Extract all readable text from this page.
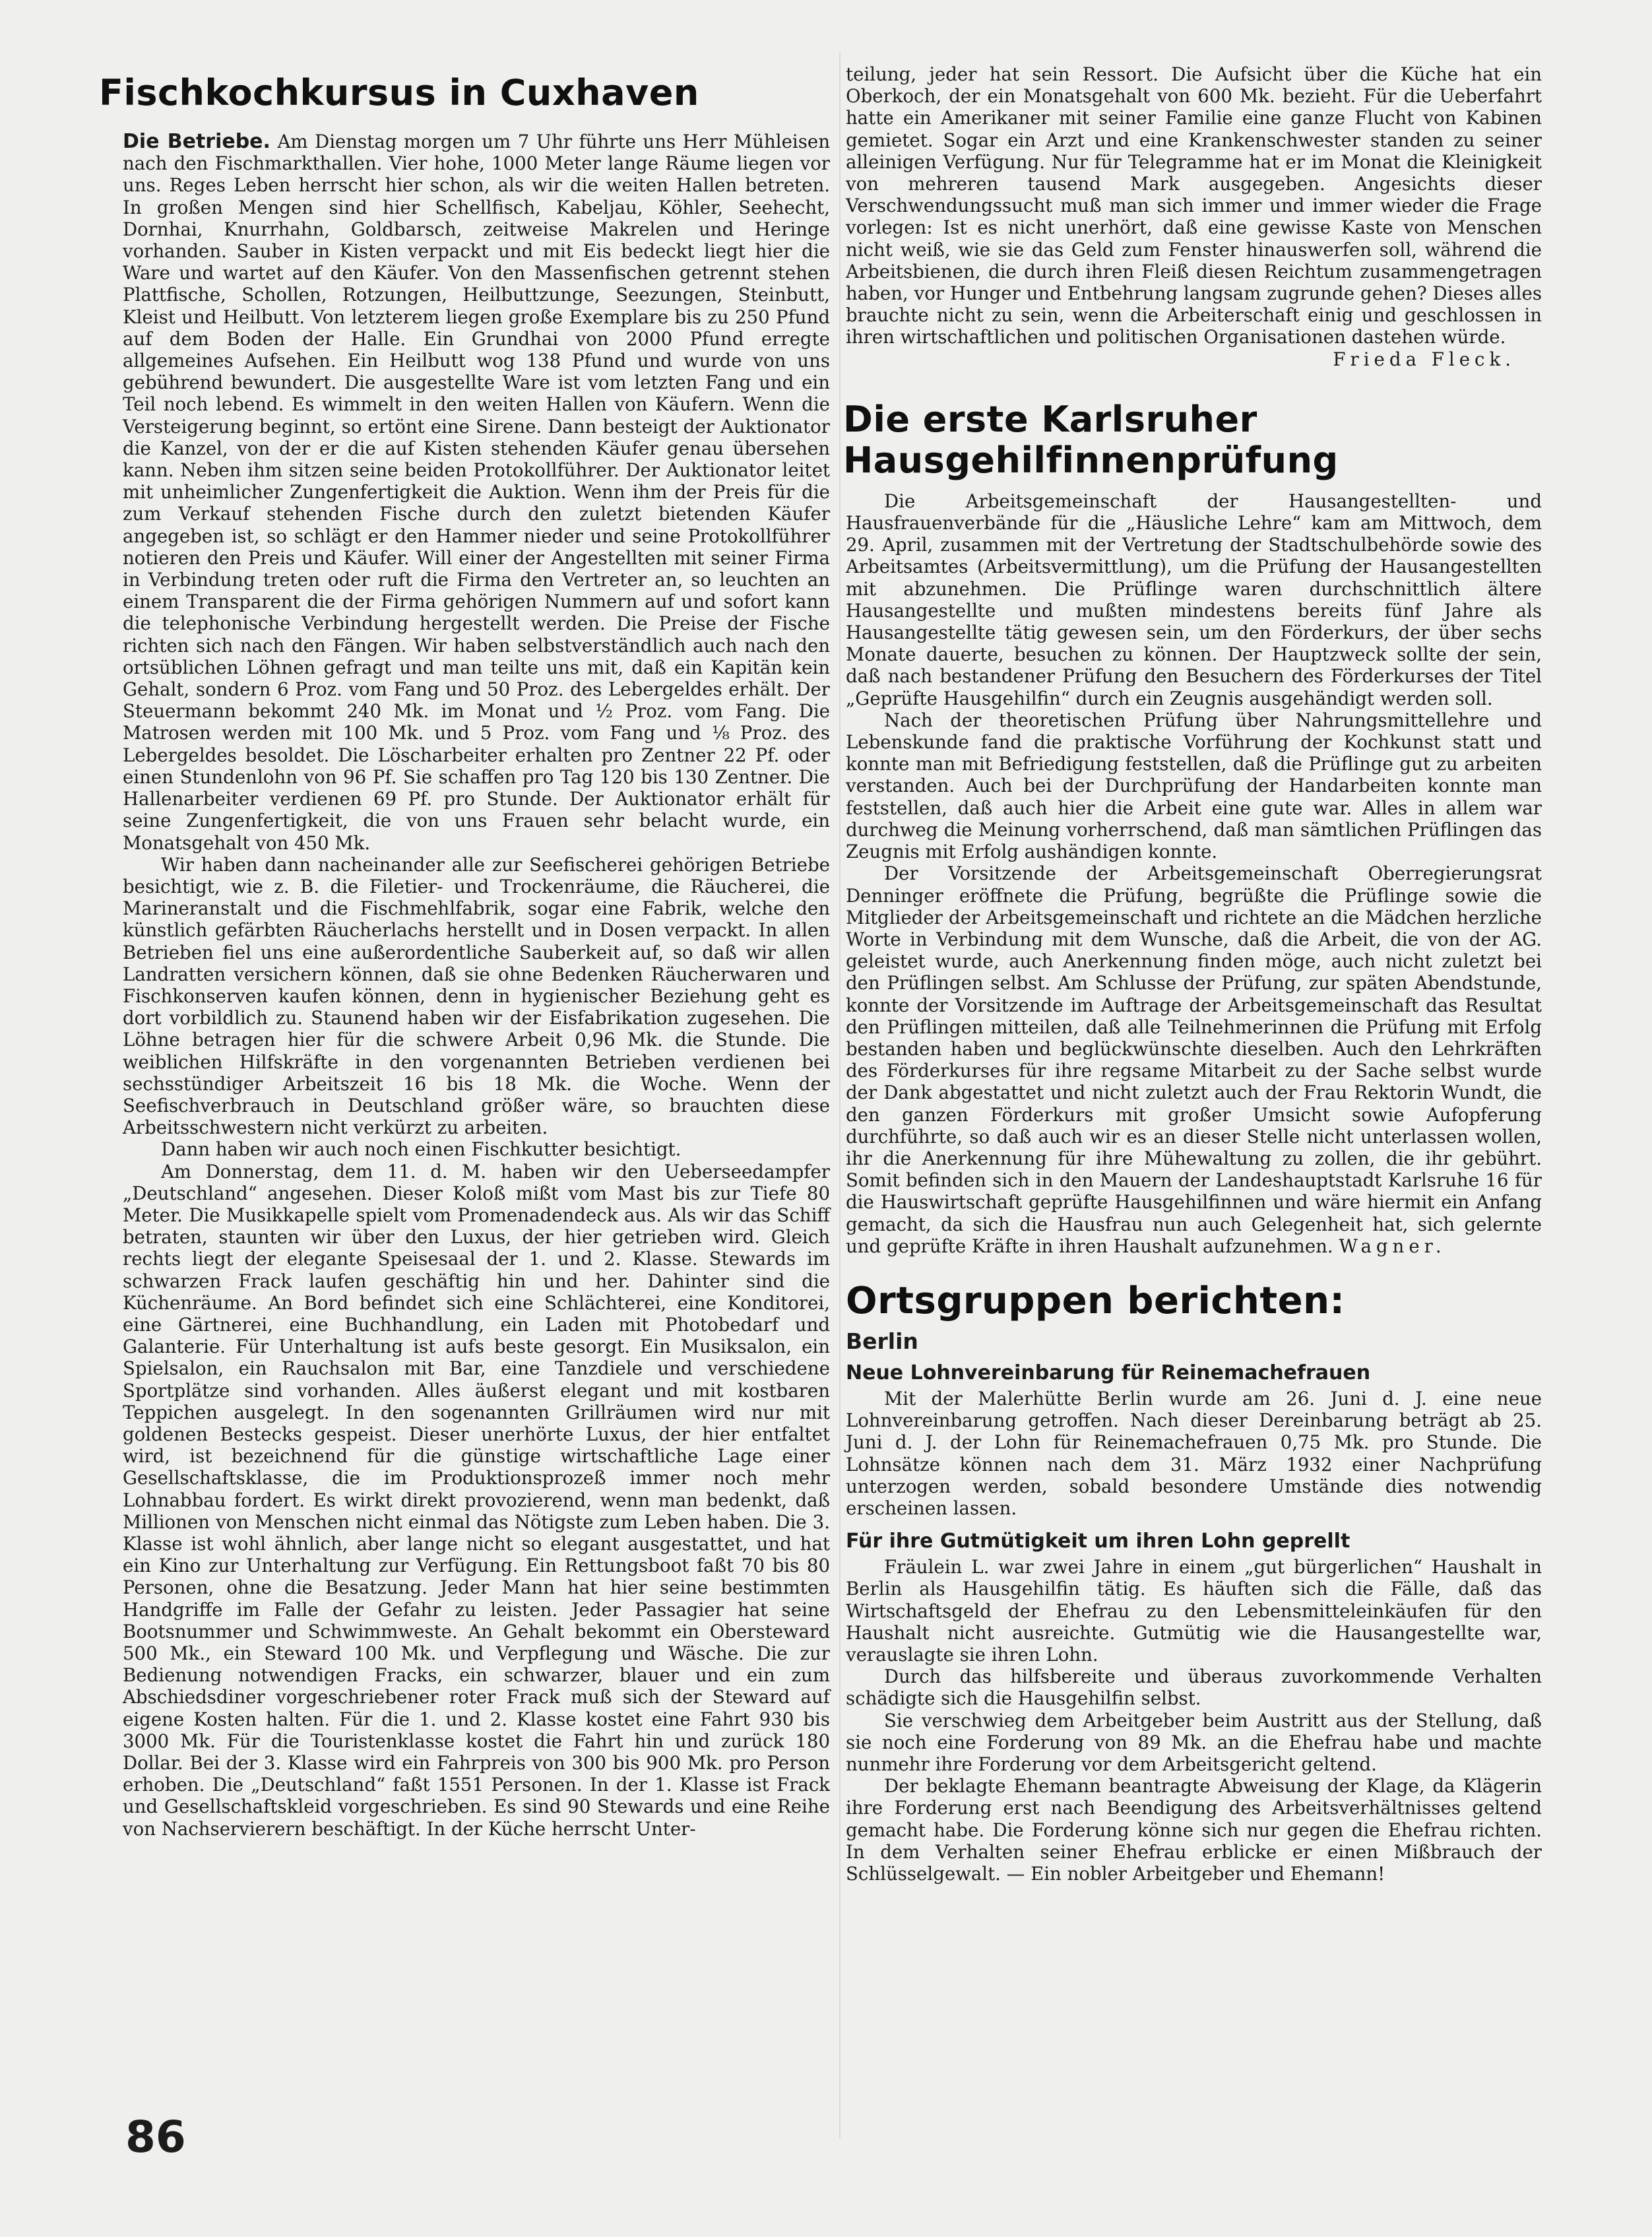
Fischkochkursus in Cuxhaven

Die Betriebe. Am Dienstag morgen um 7 Uhr führte uns Herr Mühleisen nach den Fischmarkthallen. Vier hohe, 1000 Meter lange Räume liegen vor uns. Reges Leben herrscht hier schon, als wir die weiten Hallen betreten. In großen Mengen sind hier Schellfisch, Kabeljau, Köhler, Seehecht, Dornhai, Knurrhahn, Goldbarsch, zeitweise Makrelen und Heringe vorhanden. Sauber in Kisten verpackt und mit Eis bedeckt liegt hier die Ware und wartet auf den Käufer. Von den Massenfischen getrennt stehen Plattfische, Schollen, Rotzungen, Heilbuttzunge, Seezungen, Steinbutt, Kleist und Heilbutt. Von letzterem liegen große Exemplare bis zu 250 Pfund auf dem Boden der Halle. Ein Grundhai von 2000 Pfund erregte allgemeines Aufsehen. Ein Heilbutt wog 138 Pfund und wurde von uns gebührend bewundert. Die ausgestellte Ware ist vom letzten Fang und ein Teil noch lebend. Es wimmelt in den weiten Hallen von Käufern. Wenn die Versteigerung beginnt, so ertönt eine Sirene. Dann besteigt der Auktionator die Kanzel, von der er die auf Kisten stehenden Käufer genau übersehen kann. Neben ihm sitzen seine beiden Protokollführer. Der Auktionator leitet mit unheimlicher Zungenfertigkeit die Auktion. Wenn ihm der Preis für die zum Verkauf stehenden Fische durch den zuletzt bietenden Käufer angegeben ist, so schlägt er den Hammer nieder und seine Protokollführer notieren den Preis und Käufer. Will einer der Angestellten mit seiner Firma in Verbindung treten oder ruft die Firma den Vertreter an, so leuchten an einem Transparent die der Firma gehörigen Nummern auf und sofort kann die telephonische Verbindung hergestellt werden. Die Preise der Fische richten sich nach den Fängen. Wir haben selbstverständlich auch nach den ortsüblichen Löhnen gefragt und man teilte uns mit, daß ein Kapitän kein Gehalt, sondern 6 Proz. vom Fang und 50 Proz. des Lebergeldes erhält. Der Steuermann bekommt 240 Mk. im Monat und ½ Proz. vom Fang. Die Matrosen werden mit 100 Mk. und 5 Proz. vom Fang und ⅛ Proz. des Lebergeldes besoldet. Die Löscharbeiter erhalten pro Zentner 22 Pf. oder einen Stundenlohn von 96 Pf. Sie schaffen pro Tag 120 bis 130 Zentner. Die Hallenarbeiter verdienen 69 Pf. pro Stunde. Der Auktionator erhält für seine Zungenfertigkeit, die von uns Frauen sehr belacht wurde, ein Monatsgehalt von 450 Mk.

Wir haben dann nacheinander alle zur Seefischerei gehörigen Betriebe besichtigt, wie z. B. die Filetier- und Trockenräume, die Räucherei, die Marineranstalt und die Fischmehlfabrik, sogar eine Fabrik, welche den künstlich gefärbten Räucherlachs herstellt und in Dosen verpackt. In allen Betrieben fiel uns eine außerordentliche Sauberkeit auf, so daß wir allen Landratten versichern können, daß sie ohne Bedenken Räucherwaren und Fischkonserven kaufen können, denn in hygienischer Beziehung geht es dort vorbildlich zu. Staunend haben wir der Eisfabrikation zugesehen. Die Löhne betragen hier für die schwere Arbeit 0,96 Mk. die Stunde. Die weiblichen Hilfskräfte in den vorgenannten Betrieben verdienen bei sechsstündiger Arbeitszeit 16 bis 18 Mk. die Woche. Wenn der Seefischverbrauch in Deutschland größer wäre, so brauchten diese Arbeitsschwestern nicht verkürzt zu arbeiten.

Dann haben wir auch noch einen Fischkutter besichtigt.

Am Donnerstag, dem 11. d. M. haben wir den Ueberseedampfer „Deutschland“ angesehen. Dieser Koloß mißt vom Mast bis zur Tiefe 80 Meter. Die Musikkapelle spielt vom Promenadendeck aus. Als wir das Schiff betraten, staunten wir über den Luxus, der hier getrieben wird. Gleich rechts liegt der elegante Speisesaal der 1. und 2. Klasse. Stewards im schwarzen Frack laufen geschäftig hin und her. Dahinter sind die Küchenräume. An Bord befindet sich eine Schlächterei, eine Konditorei, eine Gärtnerei, eine Buchhandlung, ein Laden mit Photobedarf und Galanterie. Für Unterhaltung ist aufs beste gesorgt. Ein Musiksalon, ein Spielsalon, ein Rauchsalon mit Bar, eine Tanzdiele und verschiedene Sportplätze sind vorhanden. Alles äußerst elegant und mit kostbaren Teppichen ausgelegt. In den sogenannten Grillräumen wird nur mit goldenen Bestecks gespeist. Dieser unerhörte Luxus, der hier entfaltet wird, ist bezeichnend für die günstige wirtschaftliche Lage einer Gesellschaftsklasse, die im Produktionsprozeß immer noch mehr Lohnabbau fordert. Es wirkt direkt provozierend, wenn man bedenkt, daß Millionen von Menschen nicht einmal das Nötigste zum Leben haben. Die 3. Klasse ist wohl ähnlich, aber lange nicht so elegant ausgestattet, und hat ein Kino zur Unterhaltung zur Verfügung. Ein Rettungsboot faßt 70 bis 80 Personen, ohne die Besatzung. Jeder Mann hat hier seine bestimmten Handgriffe im Falle der Gefahr zu leisten. Jeder Passagier hat seine Bootsnummer und Schwimmweste. An Gehalt bekommt ein Obersteward 500 Mk., ein Steward 100 Mk. und Verpflegung und Wäsche. Die zur Bedienung notwendigen Fracks, ein schwarzer, blauer und ein zum Abschiedsdiner vorgeschriebener roter Frack muß sich der Steward auf eigene Kosten halten. Für die 1. und 2. Klasse kostet eine Fahrt 930 bis 3000 Mk. Für die Touristenklasse kostet die Fahrt hin und zurück 180 Dollar. Bei der 3. Klasse wird ein Fahrpreis von 300 bis 900 Mk. pro Person erhoben. Die „Deutschland“ faßt 1551 Personen. In der 1. Klasse ist Frack und Gesellschaftskleid vorgeschrieben. Es sind 90 Stewards und eine Reihe von Nachservierern beschäftigt. In der Küche herrscht Unter-

teilung, jeder hat sein Ressort. Die Aufsicht über die Küche hat ein Oberkoch, der ein Monatsgehalt von 600 Mk. bezieht. Für die Ueberfahrt hatte ein Amerikaner mit seiner Familie eine ganze Flucht von Kabinen gemietet. Sogar ein Arzt und eine Krankenschwester standen zu seiner alleinigen Verfügung. Nur für Telegramme hat er im Monat die Kleinigkeit von mehreren tausend Mark ausgegeben. Angesichts dieser Verschwendungssucht muß man sich immer und immer wieder die Frage vorlegen: Ist es nicht unerhört, daß eine gewisse Kaste von Menschen nicht weiß, wie sie das Geld zum Fenster hinauswerfen soll, während die Arbeitsbienen, die durch ihren Fleiß diesen Reichtum zusammengetragen haben, vor Hunger und Entbehrung langsam zugrunde gehen? Dieses alles brauchte nicht zu sein, wenn die Arbeiterschaft einig und geschlossen in ihren wirtschaftlichen und politischen Organisationen dastehen würde.

Frieda Fleck.

Die erste Karlsruher
Hausgehilfinnenprüfung

Die Arbeitsgemeinschaft der Hausangestellten- und Hausfrauenverbände für die „Häusliche Lehre“ kam am Mittwoch, dem 29. April, zusammen mit der Vertretung der Stadtschulbehörde sowie des Arbeitsamtes (Arbeitsvermittlung), um die Prüfung der Hausangestellten mit abzunehmen. Die Prüflinge waren durchschnittlich ältere Hausangestellte und mußten mindestens bereits fünf Jahre als Hausangestellte tätig gewesen sein, um den Förderkurs, der über sechs Monate dauerte, besuchen zu können. Der Hauptzweck sollte der sein, daß nach bestandener Prüfung den Besuchern des Förderkurses der Titel „Geprüfte Hausgehilfin“ durch ein Zeugnis ausgehändigt werden soll.

Nach der theoretischen Prüfung über Nahrungsmittellehre und Lebenskunde fand die praktische Vorführung der Kochkunst statt und konnte man mit Befriedigung feststellen, daß die Prüflinge gut zu arbeiten verstanden. Auch bei der Durchprüfung der Handarbeiten konnte man feststellen, daß auch hier die Arbeit eine gute war. Alles in allem war durchweg die Meinung vorherrschend, daß man sämtlichen Prüflingen das Zeugnis mit Erfolg aushändigen konnte.

Der Vorsitzende der Arbeitsgemeinschaft Oberregierungsrat Denninger eröffnete die Prüfung, begrüßte die Prüflinge sowie die Mitglieder der Arbeitsgemeinschaft und richtete an die Mädchen herzliche Worte in Verbindung mit dem Wunsche, daß die Arbeit, die von der AG. geleistet wurde, auch Anerkennung finden möge, auch nicht zuletzt bei den Prüflingen selbst. Am Schlusse der Prüfung, zur späten Abendstunde, konnte der Vorsitzende im Auftrage der Arbeitsgemeinschaft das Resultat den Prüflingen mitteilen, daß alle Teilnehmerinnen die Prüfung mit Erfolg bestanden haben und beglückwünschte dieselben. Auch den Lehrkräften des Förderkurses für ihre regsame Mitarbeit zu der Sache selbst wurde der Dank abgestattet und nicht zuletzt auch der Frau Rektorin Wundt, die den ganzen Förderkurs mit großer Umsicht sowie Aufopferung durchführte, so daß auch wir es an dieser Stelle nicht unterlassen wollen, ihr die Anerkennung für ihre Mühewaltung zu zollen, die ihr gebührt. Somit befinden sich in den Mauern der Landeshauptstadt Karlsruhe 16 für die Hauswirtschaft geprüfte Hausgehilfinnen und wäre hiermit ein Anfang gemacht, da sich die Hausfrau nun auch Gelegenheit hat, sich gelernte und geprüfte Kräfte in ihren Haushalt aufzunehmen. Wagner.

Ortsgruppen berichten:
Berlin
Neue Lohnvereinbarung für Reinemachefrauen

Mit der Malerhütte Berlin wurde am 26. Juni d. J. eine neue Lohnvereinbarung getroffen. Nach dieser Dereinbarung beträgt ab 25. Juni d. J. der Lohn für Reinemachefrauen 0,75 Mk. pro Stunde. Die Lohnsätze können nach dem 31. März 1932 einer Nachprüfung unterzogen werden, sobald besondere Umstände dies notwendig erscheinen lassen.

Für ihre Gutmütigkeit um ihren Lohn geprellt

Fräulein L. war zwei Jahre in einem „gut bürgerlichen“ Haushalt in Berlin als Hausgehilfin tätig. Es häuften sich die Fälle, daß das Wirtschaftsgeld der Ehefrau zu den Lebensmitteleinkäufen für den Haushalt nicht ausreichte. Gutmütig wie die Hausangestellte war, verauslagte sie ihren Lohn.

Durch das hilfsbereite und überaus zuvorkommende Verhalten schädigte sich die Hausgehilfin selbst.

Sie verschwieg dem Arbeitgeber beim Austritt aus der Stellung, daß sie noch eine Forderung von 89 Mk. an die Ehefrau habe und machte nunmehr ihre Forderung vor dem Arbeitsgericht geltend.

Der beklagte Ehemann beantragte Abweisung der Klage, da Klägerin ihre Forderung erst nach Beendigung des Arbeitsverhältnisses geltend gemacht habe. Die Forderung könne sich nur gegen die Ehefrau richten. In dem Verhalten seiner Ehefrau erblicke er einen Mißbrauch der Schlüsselgewalt. — Ein nobler Arbeitgeber und Ehemann!

86
